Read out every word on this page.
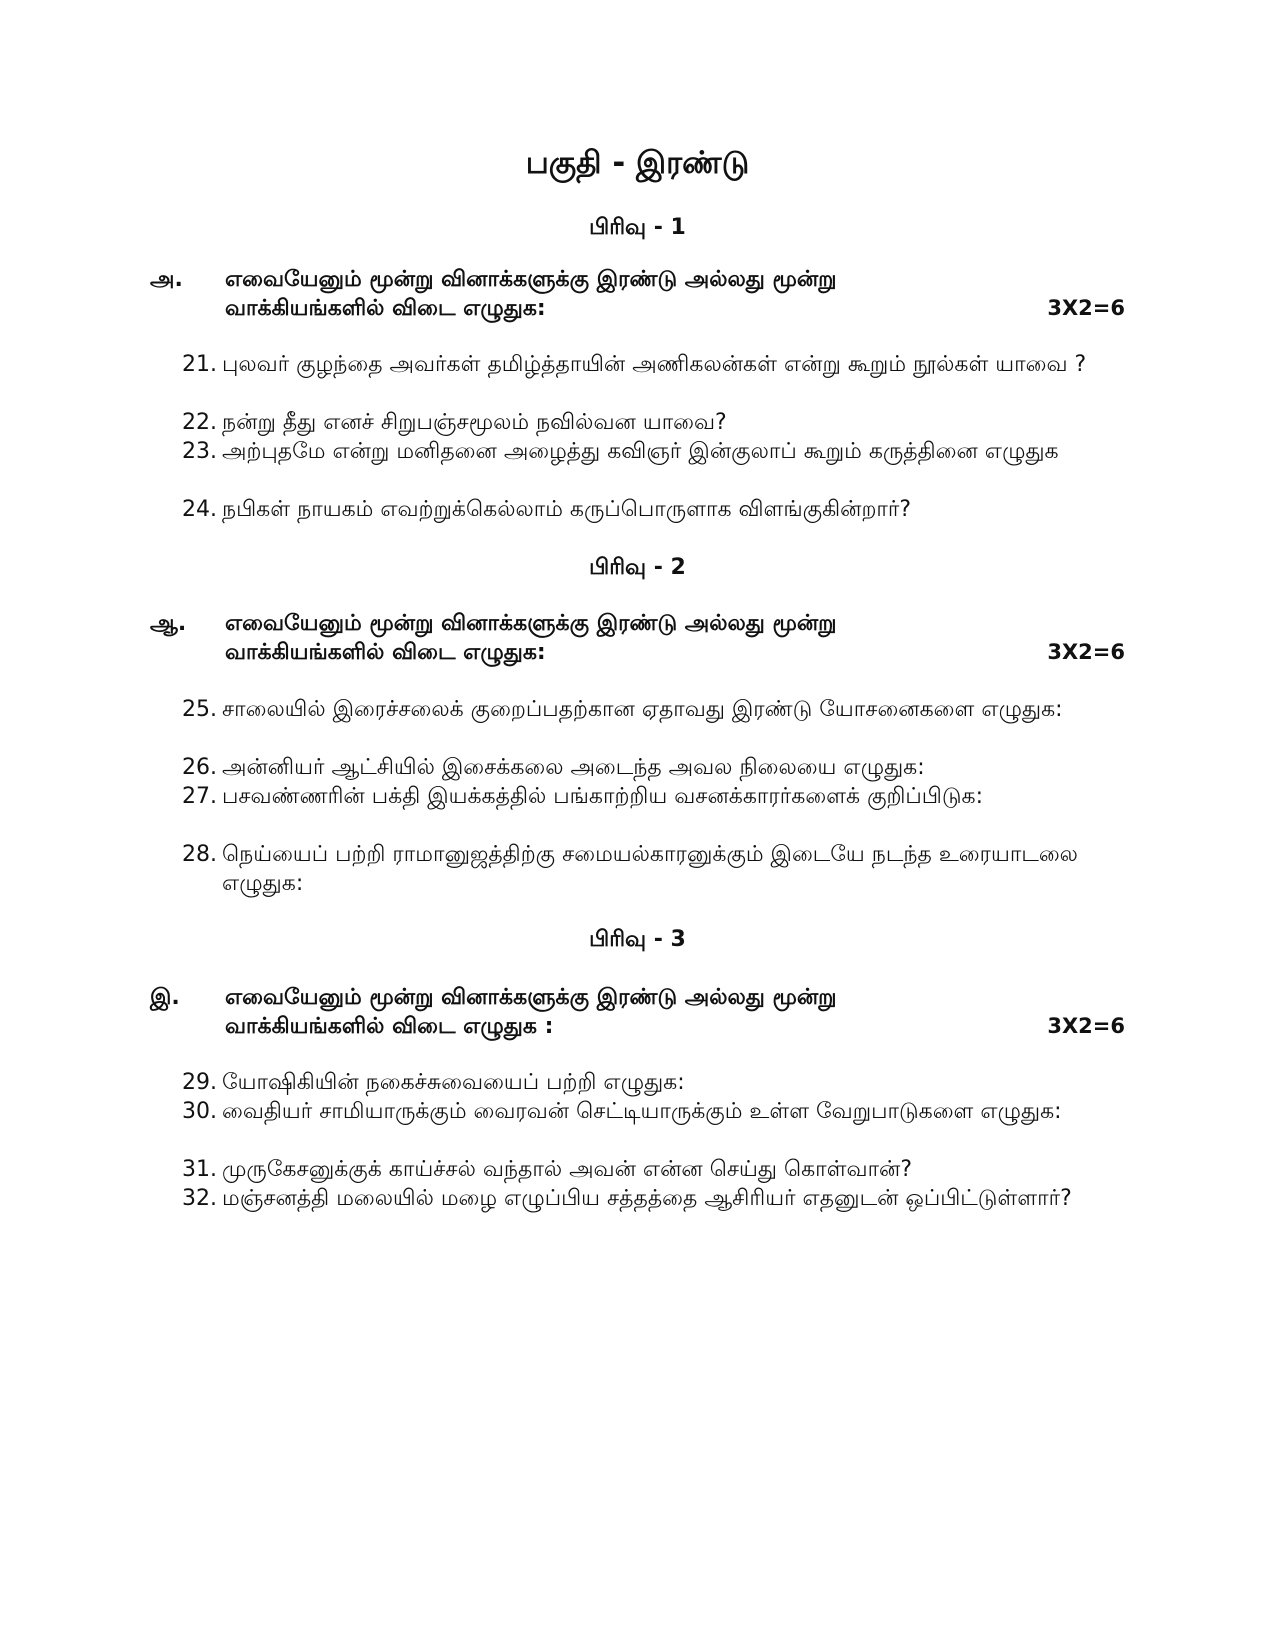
பகுதி - இரண்டு
பிரிவு - 1
அ. எவையேனும் மூன்று வினாக்களுக்கு இரண்டு அல்லது மூன்று
வாக்கியங்களில் விடை எழுதுக:	3X2=6
21. புலவர் குழந்தை அவர்கள் தமிழ்த்தாயின் அணிகலன்கள் என்று கூறும் நூல்கள் யாவை ?
22. நன்று தீது எனச் சிறுபஞ்சமூலம் நவில்வன யாவை?
23. அற்புதமே என்று மனிதனை அழைத்து கவிஞர் இன்குலாப் கூறும் கருத்தினை எழுதுக
24. நபிகள் நாயகம் எவற்றுக்கெல்லாம் கருப்பொருளாக விளங்குகின்றார்?
பிரிவு - 2
ஆ. எவையேனும் மூன்று வினாக்களுக்கு இரண்டு அல்லது மூன்று
வாக்கியங்களில் விடை எழுதுக:	3X2=6
25. சாலையில் இரைச்சலைக் குறைப்பதற்கான ஏதாவது இரண்டு யோசனைகளை எழுதுக:
26. அன்னியர் ஆட்சியில் இசைக்கலை அடைந்த அவல நிலையை எழுதுக:
27. பசவண்ணரின் பக்தி இயக்கத்தில் பங்காற்றிய வசனக்காரர்களைக் குறிப்பிடுக:
28. நெய்யைப் பற்றி ராமானுஜத்திற்கு சமையல்காரனுக்கும் இடையே நடந்த உரையாடலை எழுதுக:
பிரிவு - 3
இ. எவையேனும் மூன்று வினாக்களுக்கு இரண்டு அல்லது மூன்று
வாக்கியங்களில் விடை எழுதுக :	3X2=6
29. யோஷிகியின் நகைச்சுவையைப் பற்றி எழுதுக:
30. வைதியர் சாமியாருக்கும் வைரவன் செட்டியாருக்கும் உள்ள வேறுபாடுகளை எழுதுக:
31. முருகேசனுக்குக் காய்ச்சல் வந்தால் அவன் என்ன செய்து கொள்வான்?
32. மஞ்சனத்தி மலையில் மழை எழுப்பிய சத்தத்தை ஆசிரியர் எதனுடன் ஒப்பிட்டுள்ளார்?
